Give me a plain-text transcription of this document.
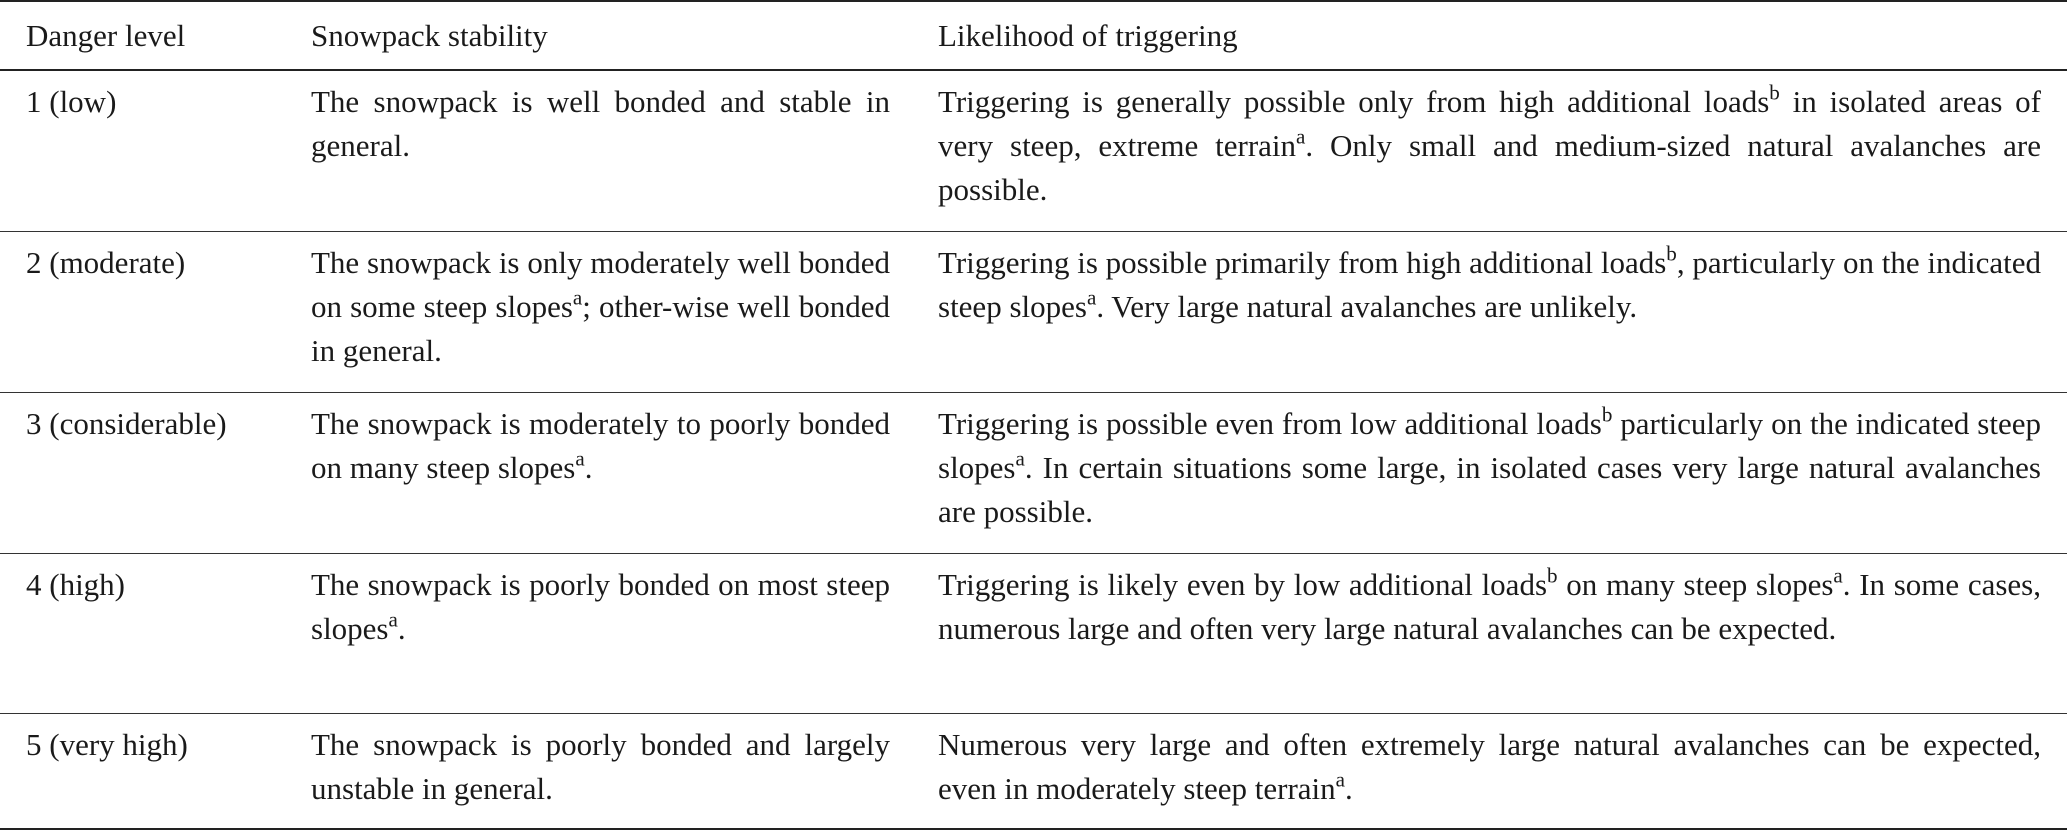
Danger level	Snowpack stability	Likelihood of triggering
1 (low)	The snowpack is well bonded and stable in general.	Triggering is generally possible only from high additional loads$^b$ in isolated areas of very steep, extreme terrain$^a$. Only small and medium-sized natural avalanches are possible.
2 (moderate)	The snowpack is only moderately well bonded on some steep slopes$^a$; other-wise well bonded in general.	Triggering is possible primarily from high additional loads$^b$, particularly on the indicated steep slopes$^a$. Very large natural avalanches are unlikely.
3 (considerable)	The snowpack is moderately to poorly bonded on many steep slopes$^a$.	Triggering is possible even from low additional loads$^b$ particularly on the indicated steep slopes$^a$. In certain situations some large, in isolated cases very large natural avalanches are possible.
4 (high)	The snowpack is poorly bonded on most steep slopes$^a$.	Triggering is likely even by low additional loads$^b$ on many steep slopes$^a$. In some cases, numerous large and often very large natural avalanches can be expected.
5 (very high)	The snowpack is poorly bonded and largely unstable in general.	Numerous very large and often extremely large natural avalanches can be expected, even in moderately steep terrain$^a$.
